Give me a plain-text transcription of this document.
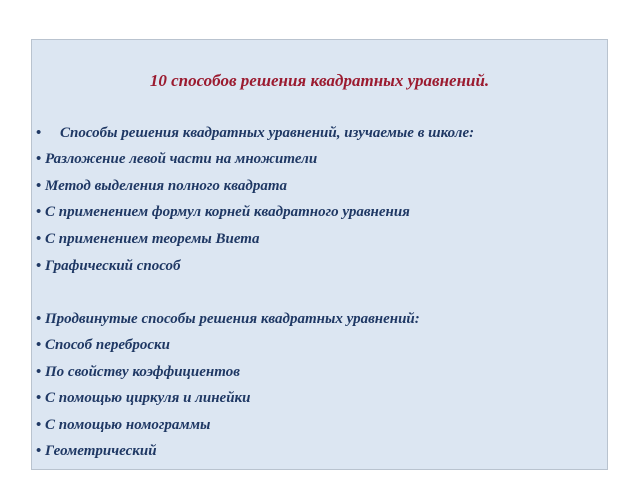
10 способов решения квадратных уравнений.
• Способы решения квадратных уравнений, изучаемые в школе:
• Разложение левой части на множители
• Метод выделения полного квадрата
• С применением формул корней квадратного уравнения
• С применением теоремы Виета
• Графический способ
• Продвинутые способы решения квадратных уравнений:
• Способ переброски
• По свойству коэффициентов
• С помощью циркуля и линейки
• С помощью номограммы
• Геометрический
